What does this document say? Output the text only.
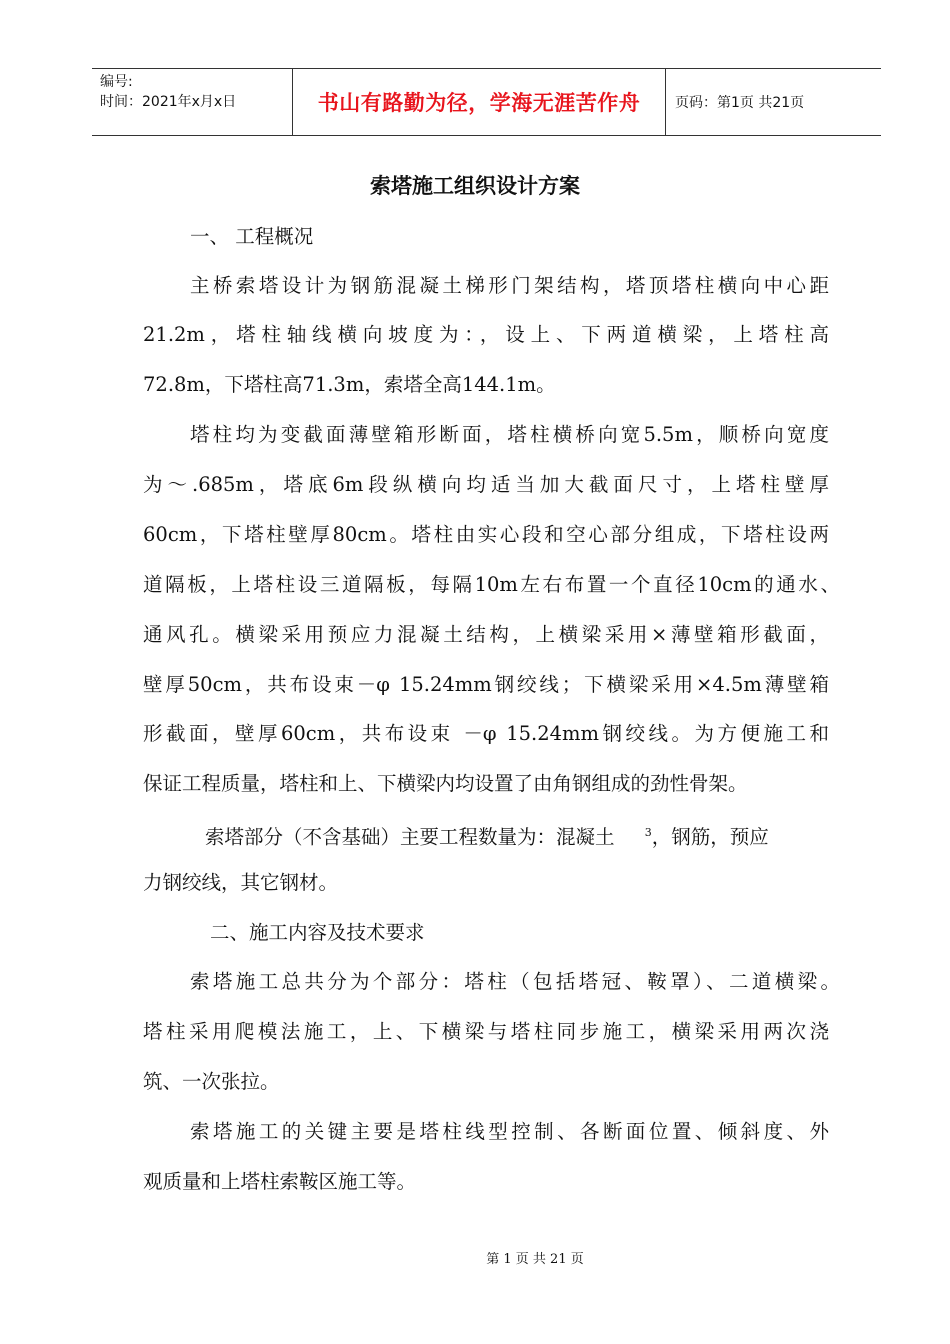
编号:
时间：2021年x月x日	书山有路勤为径，学海无涯苦作舟	页码：第1页 共21页
索塔施工组织设计方案
一、 工程概况
主桥索塔设计为钢筋混凝土梯形门架结构，塔顶塔柱横向中心距
21.2m，塔柱轴线横向坡度为：，设上、下两道横梁，上塔柱高
72.8m，下塔柱高71.3m，索塔全高144.1m。
塔柱均为变截面薄壁箱形断面，塔柱横桥向宽5.5m，顺桥向宽度
为～.685m，塔底6m段纵横向均适当加大截面尺寸，上塔柱壁厚
60cm，下塔柱壁厚80cm。塔柱由实心段和空心部分组成，下塔柱设两
道隔板，上塔柱设三道隔板，每隔10m左右布置一个直径10cm的通水、
通风孔。横梁采用预应力混凝土结构，上横梁采用×薄壁箱形截面，
壁厚50cm，共布设束－φ 15.24mm钢绞线；下横梁采用×4.5m薄壁箱
形截面，壁厚60cm，共布设束 －φ 15.24mm钢绞线。为方便施工和
保证工程质量，塔柱和上、下横梁内均设置了由角钢组成的劲性骨架。
索塔部分（不含基础）主要工程数量为：混凝土	$^3$，钢筋，预应
力钢绞线，其它钢材。
二、施工内容及技术要求
索塔施工总共分为个部分：塔柱（包括塔冠、鞍罩）、二道横梁。
塔柱采用爬模法施工，上、下横梁与塔柱同步施工，横梁采用两次浇
筑、一次张拉。
索塔施工的关键主要是塔柱线型控制、各断面位置、倾斜度、外
观质量和上塔柱索鞍区施工等。
第 1 页 共 21 页
